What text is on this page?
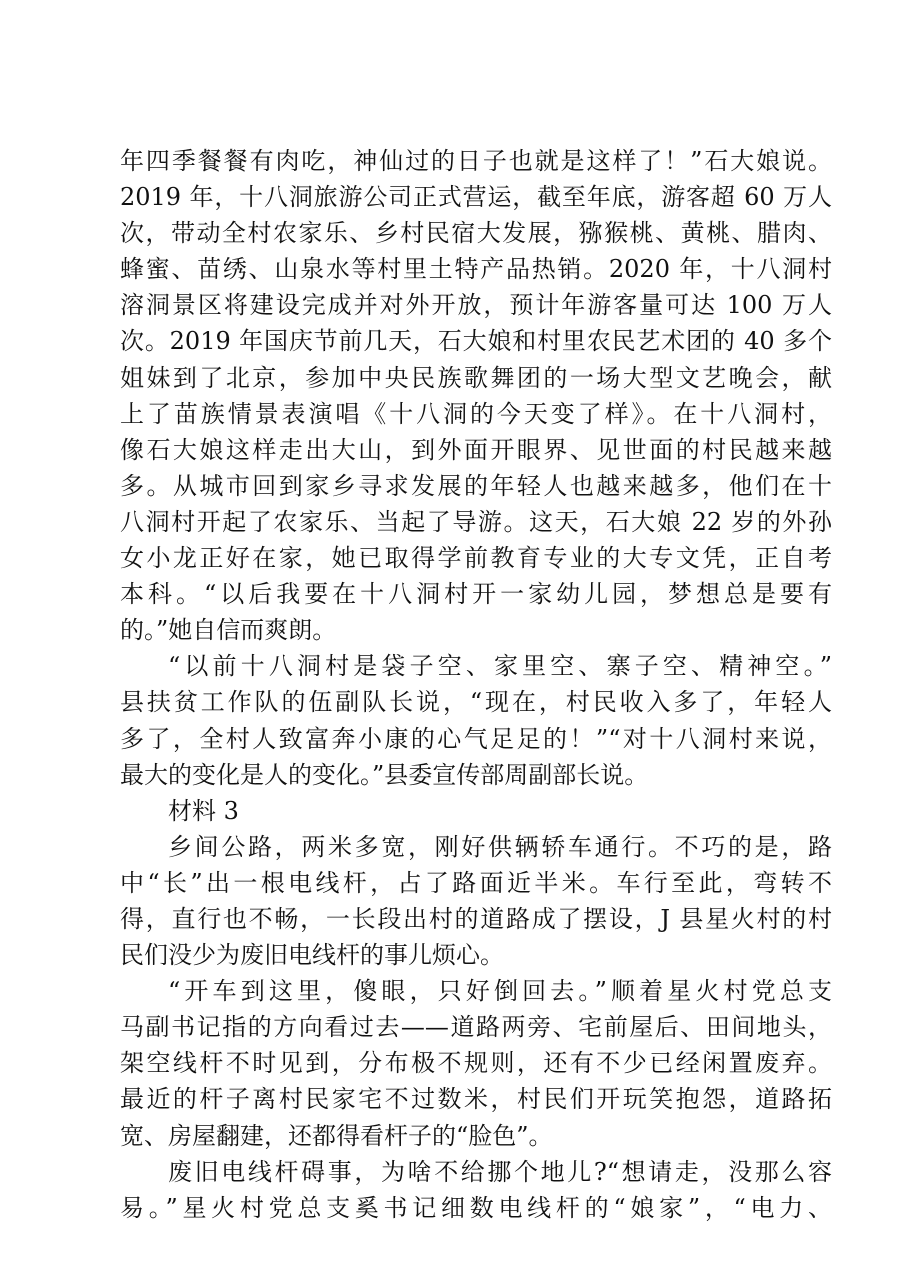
年四季餐餐有肉吃，神仙过的日子也就是这样了！”石大娘说。
2019 年，十八洞旅游公司正式营运，截至年底，游客超 60 万人
次，带动全村农家乐、乡村民宿大发展，猕猴桃、黄桃、腊肉、
蜂蜜、苗绣、山泉水等村里土特产品热销。2020 年，十八洞村
溶洞景区将建设完成并对外开放，预计年游客量可达 100 万人
次。2019 年国庆节前几天，石大娘和村里农民艺术团的 40 多个
姐妹到了北京，参加中央民族歌舞团的一场大型文艺晚会，献
上了苗族情景表演唱《十八洞的今天变了样》。在十八洞村，
像石大娘这样走出大山，到外面开眼界、见世面的村民越来越
多。从城市回到家乡寻求发展的年轻人也越来越多，他们在十
八洞村开起了农家乐、当起了导游。这天，石大娘 22 岁的外孙
女小龙正好在家，她已取得学前教育专业的大专文凭，正自考
本科。“以后我要在十八洞村开一家幼儿园，梦想总是要有
的。”她自信而爽朗。
“以前十八洞村是袋子空、家里空、寨子空、精神空。”
县扶贫工作队的伍副队长说，“现在，村民收入多了，年轻人
多了，全村人致富奔小康的心气足足的！”“对十八洞村来说，
最大的变化是人的变化。”县委宣传部周副部长说。
材料 3
乡间公路，两米多宽，刚好供辆轿车通行。不巧的是，路
中“长”出一根电线杆，占了路面近半米。车行至此，弯转不
得，直行也不畅，一长段出村的道路成了摆设，J 县星火村的村
民们没少为废旧电线杆的事儿烦心。
“开车到这里，傻眼，只好倒回去。”顺着星火村党总支
马副书记指的方向看过去——道路两旁、宅前屋后、田间地头，
架空线杆不时见到，分布极不规则，还有不少已经闲置废弃。
最近的杆子离村民家宅不过数米，村民们开玩笑抱怨，道路拓
宽、房屋翻建，还都得看杆子的“脸色”。
废旧电线杆碍事，为啥不给挪个地儿?“想请走，没那么容
易。”星火村党总支奚书记细数电线杆的“娘家”，“电力、
